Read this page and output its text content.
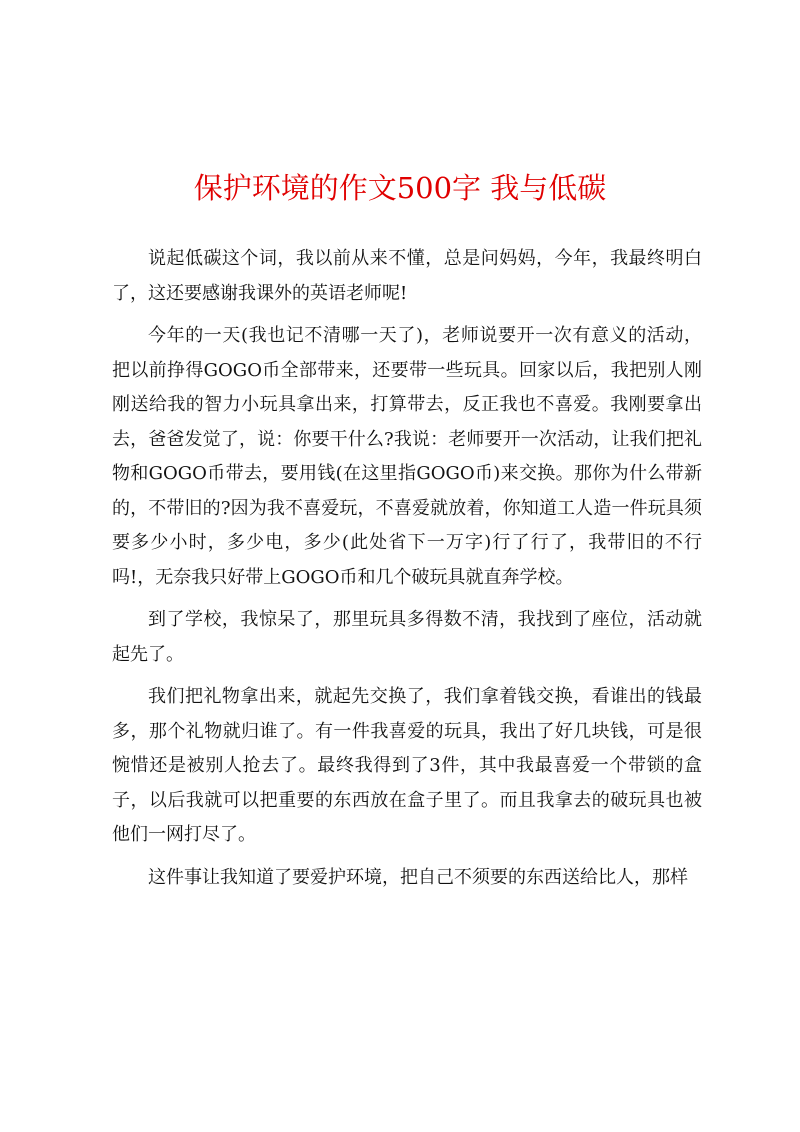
保护环境的作文500字 我与低碳

说起低碳这个词，我以前从来不懂，总是问妈妈，今年，我最终明白了，这还要感谢我课外的英语老师呢!

今年的一天(我也记不清哪一天了)，老师说要开一次有意义的活动，把以前挣得GOGO币全部带来，还要带一些玩具。回家以后，我把别人刚刚送给我的智力小玩具拿出来，打算带去，反正我也不喜爱。我刚要拿出去，爸爸发觉了，说：你要干什么?我说：老师要开一次活动，让我们把礼物和GOGO币带去，要用钱(在这里指GOGO币)来交换。那你为什么带新的，不带旧的?因为我不喜爱玩，不喜爱就放着，你知道工人造一件玩具须要多少小时，多少电，多少(此处省下一万字)行了行了，我带旧的不行吗!，无奈我只好带上GOGO币和几个破玩具就直奔学校。

到了学校，我惊呆了，那里玩具多得数不清，我找到了座位，活动就起先了。

我们把礼物拿出来，就起先交换了，我们拿着钱交换，看谁出的钱最多，那个礼物就归谁了。有一件我喜爱的玩具，我出了好几块钱，可是很惋惜还是被别人抢去了。最终我得到了3件，其中我最喜爱一个带锁的盒子，以后我就可以把重要的东西放在盒子里了。而且我拿去的破玩具也被他们一网打尽了。

这件事让我知道了要爱护环境，把自己不须要的东西送给比人，那样
